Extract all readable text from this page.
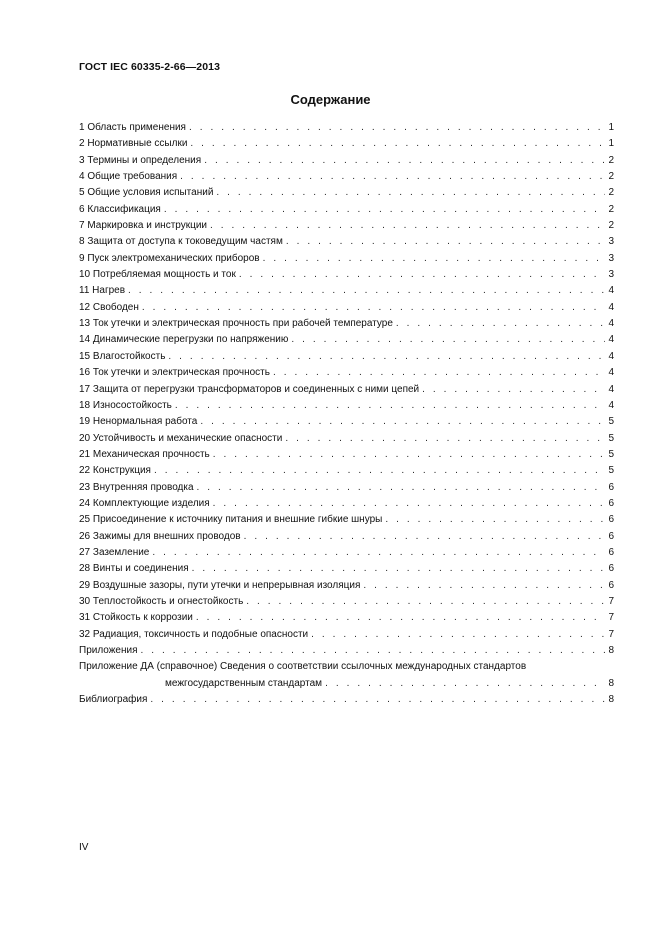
ГОСТ IEC 60335-2-66—2013
Содержание
1 Область применения . . .	1
2 Нормативные ссылки . . .	1
3 Термины и определения . . .	2
4 Общие требования . . .	2
5 Общие условия испытаний . . .	2
6 Классификация . . .	2
7 Маркировка и инструкции . . .	2
8 Защита от доступа к токоведущим частям . . .	3
9 Пуск электромеханических приборов . . .	3
10 Потребляемая мощность и ток . . .	3
11 Нагрев . . .	4
12 Свободен . . .	4
13 Ток утечки и электрическая прочность при рабочей температуре . . .	4
14 Динамические перегрузки по напряжению . . .	4
15 Влагостойкость . . .	4
16 Ток утечки и электрическая прочность . . .	4
17 Защита от перегрузки трансформаторов и соединенных с ними цепей . . .	4
18 Износостойкость . . .	4
19 Ненормальная работа . . .	5
20 Устойчивость и механические опасности . . .	5
21 Механическая прочность . . .	5
22 Конструкция . . .	5
23 Внутренняя проводка . . .	6
24 Комплектующие изделия . . .	6
25 Присоединение к источнику питания и внешние гибкие шнуры . . .	6
26 Зажимы для внешних проводов . . .	6
27 Заземление . . .	6
28 Винты и соединения . . .	6
29 Воздушные зазоры, пути утечки и непрерывная изоляция . . .	6
30 Теплостойкость и огнестойкость . . .	7
31 Стойкость к коррозии . . .	7
32 Радиация, токсичность и подобные опасности . . .	7
Приложения . . .	8
Приложение ДА (справочное) Сведения о соответствии ссылочных международных стандартов
межгосударственным стандартам . . .	8
Библиография . . .	8
IV
